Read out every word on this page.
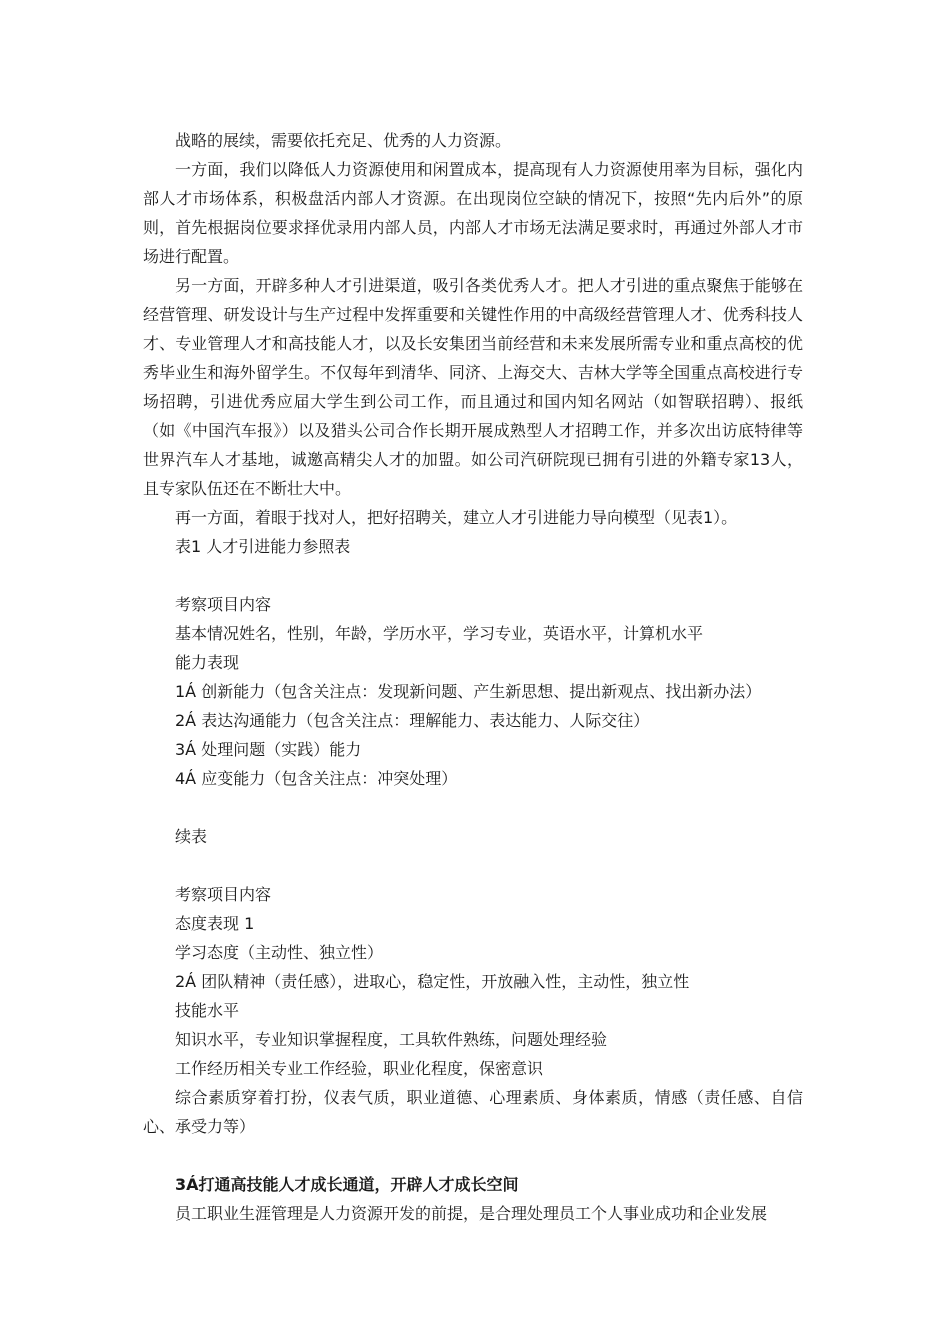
战略的展续，需要依托充足、优秀的人力资源。

一方面，我们以降低人力资源使用和闲置成本，提高现有人力资源使用率为目标，强化内部人才市场体系，积极盘活内部人才资源。在出现岗位空缺的情况下，按照“先内后外”的原则，首先根据岗位要求择优录用内部人员，内部人才市场无法满足要求时，再通过外部人才市场进行配置。

另一方面，开辟多种人才引进渠道，吸引各类优秀人才。把人才引进的重点聚焦于能够在经营管理、研发设计与生产过程中发挥重要和关键性作用的中高级经营管理人才、优秀科技人才、专业管理人才和高技能人才，以及长安集团当前经营和未来发展所需专业和重点高校的优秀毕业生和海外留学生。不仅每年到清华、同济、上海交大、吉林大学等全国重点高校进行专场招聘，引进优秀应届大学生到公司工作，而且通过和国内知名网站（如智联招聘）、报纸（如《中国汽车报》）以及猎头公司合作长期开展成熟型人才招聘工作，并多次出访底特律等世界汽车人才基地，诚邀高精尖人才的加盟。如公司汽研院现已拥有引进的外籍专家13人，且专家队伍还在不断壮大中。

再一方面，着眼于找对人，把好招聘关，建立人才引进能力导向模型（见表1）。

表1 人才引进能力参照表

考察项目内容

基本情况姓名，性别，年龄，学历水平，学习专业，英语水平，计算机水平

能力表现

1Á 创新能力（包含关注点：发现新问题、产生新思想、提出新观点、找出新办法）

2Á 表达沟通能力（包含关注点：理解能力、表达能力、人际交往）

3Á 处理问题（实践）能力

4Á 应变能力（包含关注点：冲突处理）

续表

考察项目内容

态度表现 1

学习态度（主动性、独立性）

2Á 团队精神（责任感），进取心，稳定性，开放融入性，主动性，独立性

技能水平

知识水平，专业知识掌握程度，工具软件熟练，问题处理经验

工作经历相关专业工作经验，职业化程度，保密意识

综合素质穿着打扮，仪表气质，职业道德、心理素质、身体素质，情感（责任感、自信心、承受力等）

3Á打通高技能人才成长通道，开辟人才成长空间

员工职业生涯管理是人力资源开发的前提，是合理处理员工个人事业成功和企业发展
